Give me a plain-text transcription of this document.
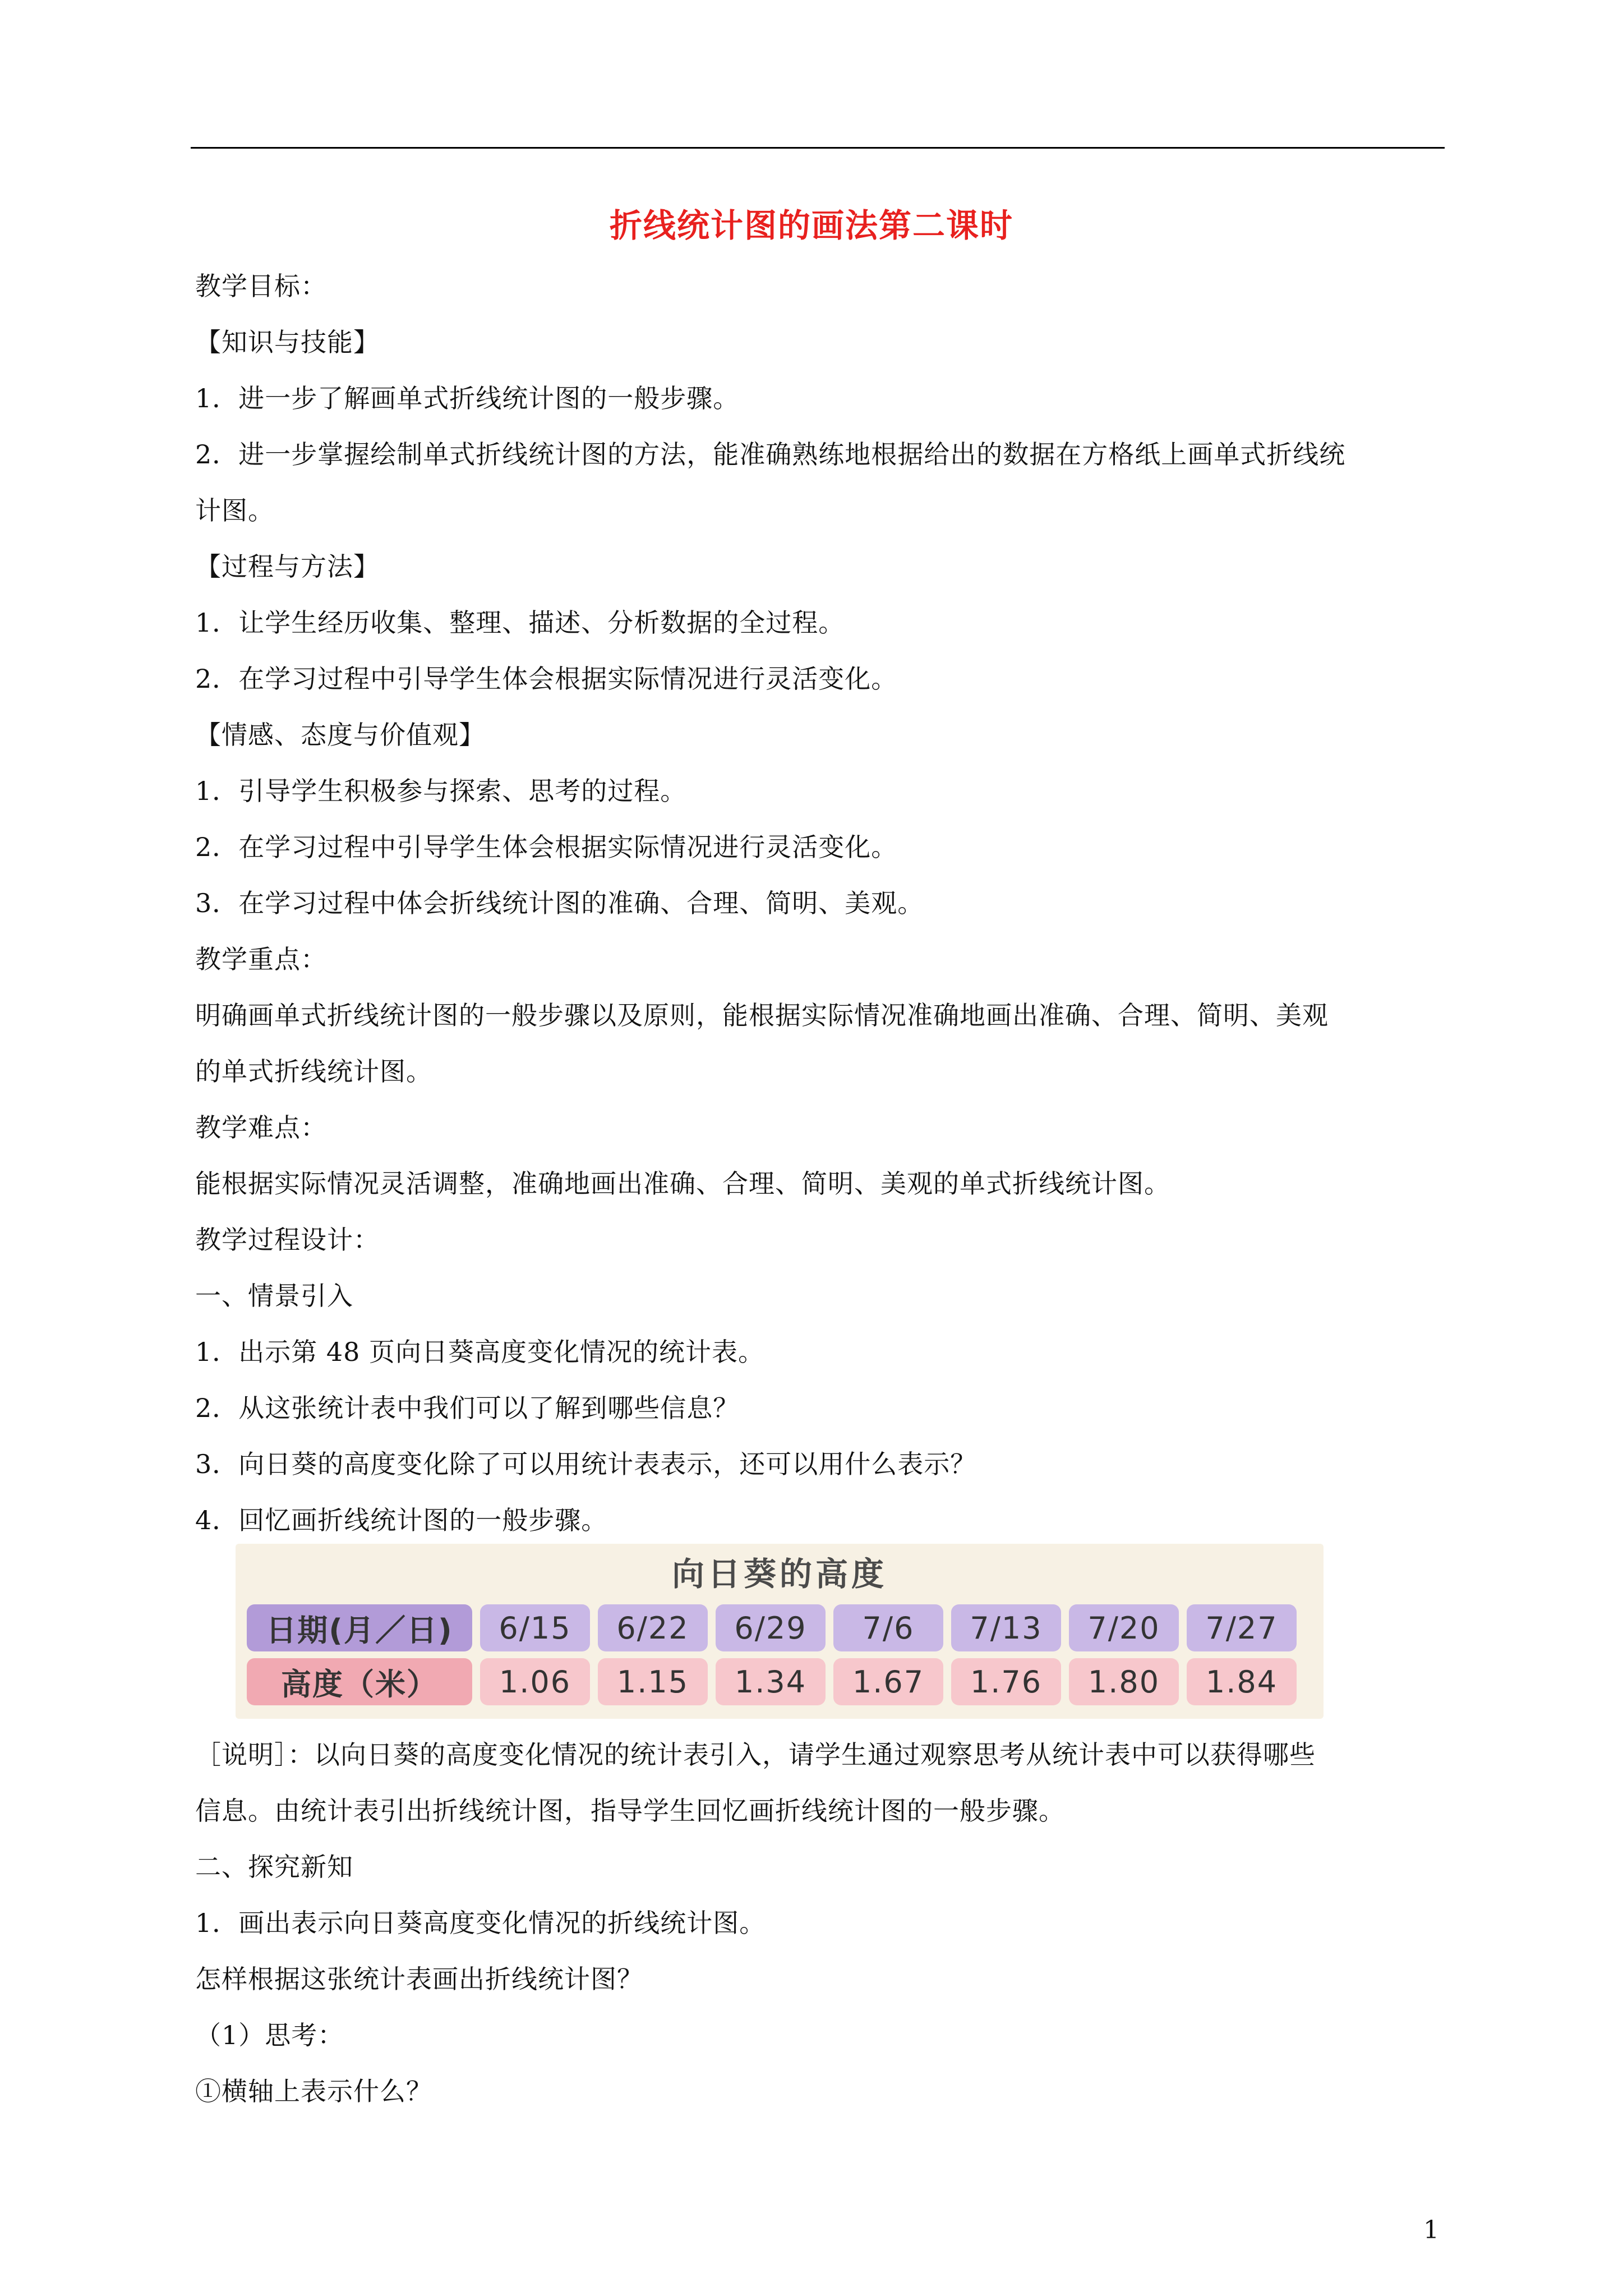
折线统计图的画法第二课时
教学目标：
【知识与技能】
1．进一步了解画单式折线统计图的一般步骤。
2．进一步掌握绘制单式折线统计图的方法，能准确熟练地根据给出的数据在方格纸上画单式折线统
计图。
【过程与方法】
1．让学生经历收集、整理、描述、分析数据的全过程。
2．在学习过程中引导学生体会根据实际情况进行灵活变化。
【情感、态度与价值观】
1．引导学生积极参与探索、思考的过程。
2．在学习过程中引导学生体会根据实际情况进行灵活变化。
3．在学习过程中体会折线统计图的准确、合理、简明、美观。
教学重点：
明确画单式折线统计图的一般步骤以及原则，能根据实际情况准确地画出准确、合理、简明、美观
的单式折线统计图。
教学难点：
能根据实际情况灵活调整，准确地画出准确、合理、简明、美观的单式折线统计图。
教学过程设计：
一、情景引入
1．出示第 48 页向日葵高度变化情况的统计表。
2．从这张统计表中我们可以了解到哪些信息？
3．向日葵的高度变化除了可以用统计表表示，还可以用什么表示？
4．回忆画折线统计图的一般步骤。
向日葵的高度
日期(月／日)	6/15	6/22	6/29	7/6	7/13	7/20	7/27
高度（米）	1.06	1.15	1.34	1.67	1.76	1.80	1.84
［说明］：以向日葵的高度变化情况的统计表引入，请学生通过观察思考从统计表中可以获得哪些
信息。由统计表引出折线统计图，指导学生回忆画折线统计图的一般步骤。
二、探究新知
1．画出表示向日葵高度变化情况的折线统计图。
怎样根据这张统计表画出折线统计图？
（1）思考：
①横轴上表示什么？
1
